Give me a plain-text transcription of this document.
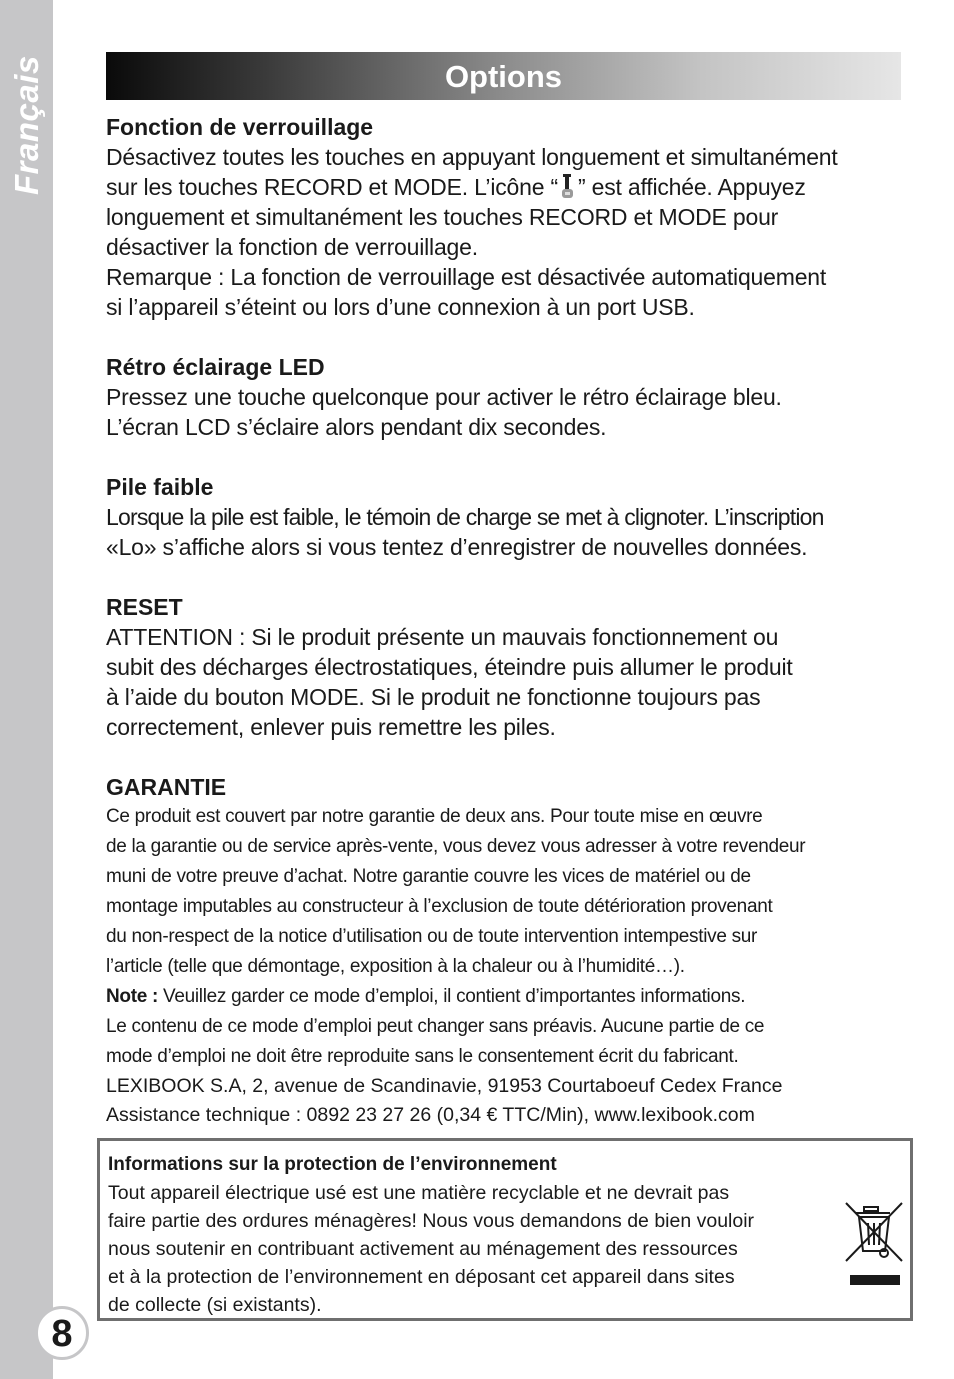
Français
8
Options

Fonction de verrouillage

Désactivez toutes les touches en appuyant longuement et simultanément

sur les touches RECORD et MODE. L’icône “ ” est affichée. Appuyez

longuement et simultanément les touches RECORD et MODE pour

désactiver la fonction de verrouillage.

Remarque : La fonction de verrouillage est désactivée automatiquement

si l’appareil s’éteint ou lors d’une connexion à un port USB.

Rétro éclairage LED

Pressez une touche quelconque pour activer le rétro éclairage bleu.

L’écran LCD s’éclaire alors pendant dix secondes.

Pile faible

Lorsque la pile est faible, le témoin de charge se met à clignoter. L’inscription

«Lo» s’affiche alors si vous tentez d’enregistrer de nouvelles données.

RESET

ATTENTION : Si le produit présente un mauvais fonctionnement ou

subit des décharges électrostatiques, éteindre puis allumer le produit

à l’aide du bouton MODE. Si le produit ne fonctionne toujours pas

correctement, enlever puis remettre les piles.

GARANTIE

Ce produit est couvert par notre garantie de deux ans. Pour toute mise en œuvre

de la garantie ou de service après-vente, vous devez vous adresser à votre revendeur

muni de votre preuve d’achat. Notre garantie couvre les vices de matériel ou de

montage imputables au constructeur à l’exclusion de toute détérioration provenant

du non-respect de la notice d’utilisation ou de toute intervention intempestive sur

l’article (telle que démontage, exposition à la chaleur ou à l’humidité…).

Note : Veuillez garder ce mode d’emploi, il contient d’importantes informations.

Le contenu de ce mode d’emploi peut changer sans préavis. Aucune partie de ce

mode d’emploi ne doit être reproduite sans le consentement écrit du fabricant.

LEXIBOOK S.A, 2, avenue de Scandinavie, 91953 Courtaboeuf Cedex France

Assistance technique : 0892 23 27 26 (0,34 € TTC/Min), www.lexibook.com

Informations sur la protection de l’environnement

Tout appareil électrique usé est une matière recyclable et ne devrait pas

faire partie des ordures ménagères! Nous vous demandons de bien vouloir

nous soutenir en contribuant activement au ménagement des ressources

et à la protection de l’environnement en déposant cet appareil dans sites

de collecte (si existants).
